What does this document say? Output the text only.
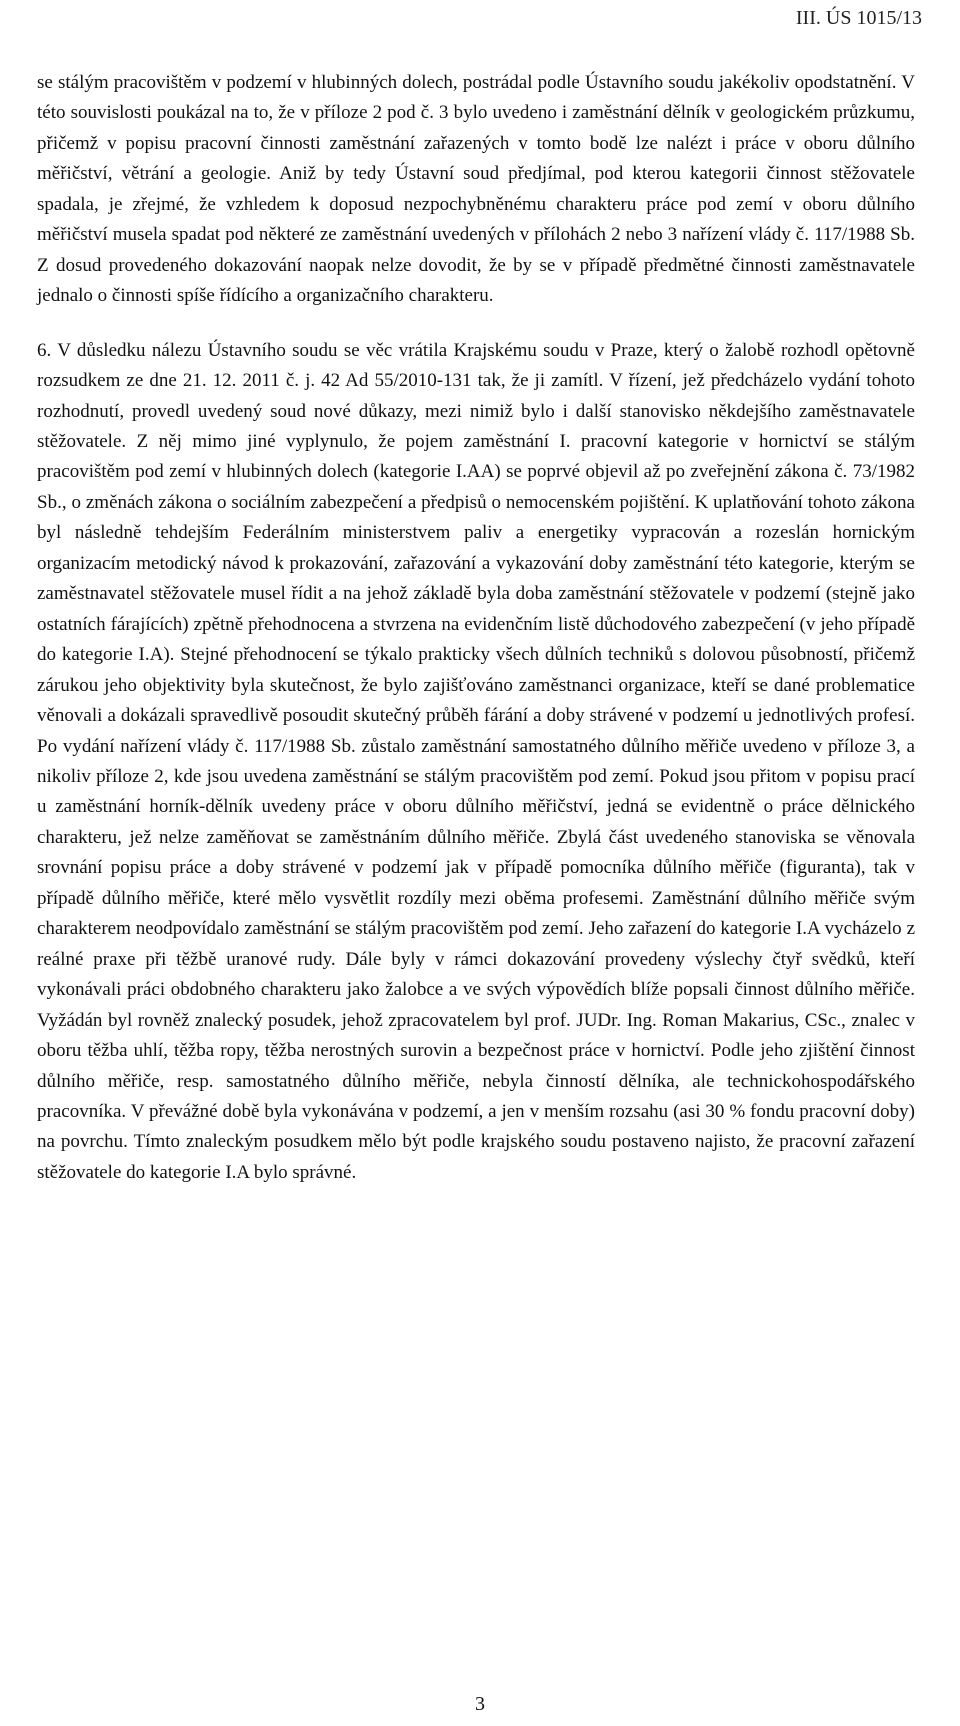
III. ÚS 1015/13

se stálým pracovištěm v podzemí v hlubinných dolech, postrádal podle Ústavního soudu jakékoliv opodstatnění. V této souvislosti poukázal na to, že v příloze 2 pod č. 3 bylo uvedeno i zaměstnání dělník v geologickém průzkumu, přičemž v popisu pracovní činnosti zaměstnání zařazených v tomto bodě lze nalézt i práce v oboru důlního měřičství, větrání a geologie. Aniž by tedy Ústavní soud předjímal, pod kterou kategorii činnost stěžovatele spadala, je zřejmé, že vzhledem k doposud nezpochybněnému charakteru práce pod zemí v oboru důlního měřičství musela spadat pod některé ze zaměstnání uvedených v přílohách 2 nebo 3 nařízení vlády č. 117/1988 Sb. Z dosud provedeného dokazování naopak nelze dovodit, že by se v případě předmětné činnosti zaměstnavatele jednalo o činnosti spíše řídícího a organizačního charakteru.

6. V důsledku nálezu Ústavního soudu se věc vrátila Krajskému soudu v Praze, který o žalobě rozhodl opětovně rozsudkem ze dne 21. 12. 2011 č. j. 42 Ad 55/2010-131 tak, že ji zamítl. V řízení, jež předcházelo vydání tohoto rozhodnutí, provedl uvedený soud nové důkazy, mezi nimiž bylo i další stanovisko někdejšího zaměstnavatele stěžovatele. Z něj mimo jiné vyplynulo, že pojem zaměstnání I. pracovní kategorie v hornictví se stálým pracovištěm pod zemí v hlubinných dolech (kategorie I.AA) se poprvé objevil až po zveřejnění zákona č. 73/1982 Sb., o změnách zákona o sociálním zabezpečení a předpisů o nemocenském pojištění. K uplatňování tohoto zákona byl následně tehdejším Federálním ministerstvem paliv a energetiky vypracován a rozeslán hornickým organizacím metodický návod k prokazování, zařazování a vykazování doby zaměstnání této kategorie, kterým se zaměstnavatel stěžovatele musel řídit a na jehož základě byla doba zaměstnání stěžovatele v podzemí (stejně jako ostatních fárajících) zpětně přehodnocena a stvrzena na evidenčním listě důchodového zabezpečení (v jeho případě do kategorie I.A). Stejné přehodnocení se týkalo prakticky všech důlních techniků s dolovou působností, přičemž zárukou jeho objektivity byla skutečnost, že bylo zajišťováno zaměstnanci organizace, kteří se dané problematice věnovali a dokázali spravedlivě posoudit skutečný průběh fárání a doby strávené v podzemí u jednotlivých profesí. Po vydání nařízení vlády č. 117/1988 Sb. zůstalo zaměstnání samostatného důlního měřiče uvedeno v příloze 3, a nikoliv příloze 2, kde jsou uvedena zaměstnání se stálým pracovištěm pod zemí. Pokud jsou přitom v popisu prací u zaměstnání horník-dělník uvedeny práce v oboru důlního měřičství, jedná se evidentně o práce dělnického charakteru, jež nelze zaměňovat se zaměstnáním důlního měřiče. Zbylá část uvedeného stanoviska se věnovala srovnání popisu práce a doby strávené v podzemí jak v případě pomocníka důlního měřiče (figuranta), tak v případě důlního měřiče, které mělo vysvětlit rozdíly mezi oběma profesemi. Zaměstnání důlního měřiče svým charakterem neodpovídalo zaměstnání se stálým pracovištěm pod zemí. Jeho zařazení do kategorie I.A vycházelo z reálné praxe při těžbě uranové rudy. Dále byly v rámci dokazování provedeny výslechy čtyř svědků, kteří vykonávali práci obdobného charakteru jako žalobce a ve svých výpovědích blíže popsali činnost důlního měřiče. Vyžádán byl rovněž znalecký posudek, jehož zpracovatelem byl prof. JUDr. Ing. Roman Makarius, CSc., znalec v oboru těžba uhlí, těžba ropy, těžba nerostných surovin a bezpečnost práce v hornictví. Podle jeho zjištění činnost důlního měřiče, resp. samostatného důlního měřiče, nebyla činností dělníka, ale technickohospodářského pracovníka. V převážné době byla vykonávána v podzemí, a jen v menším rozsahu (asi 30 % fondu pracovní doby) na povrchu. Tímto znaleckým posudkem mělo být podle krajského soudu postaveno najisto, že pracovní zařazení stěžovatele do kategorie I.A bylo správné.

3
